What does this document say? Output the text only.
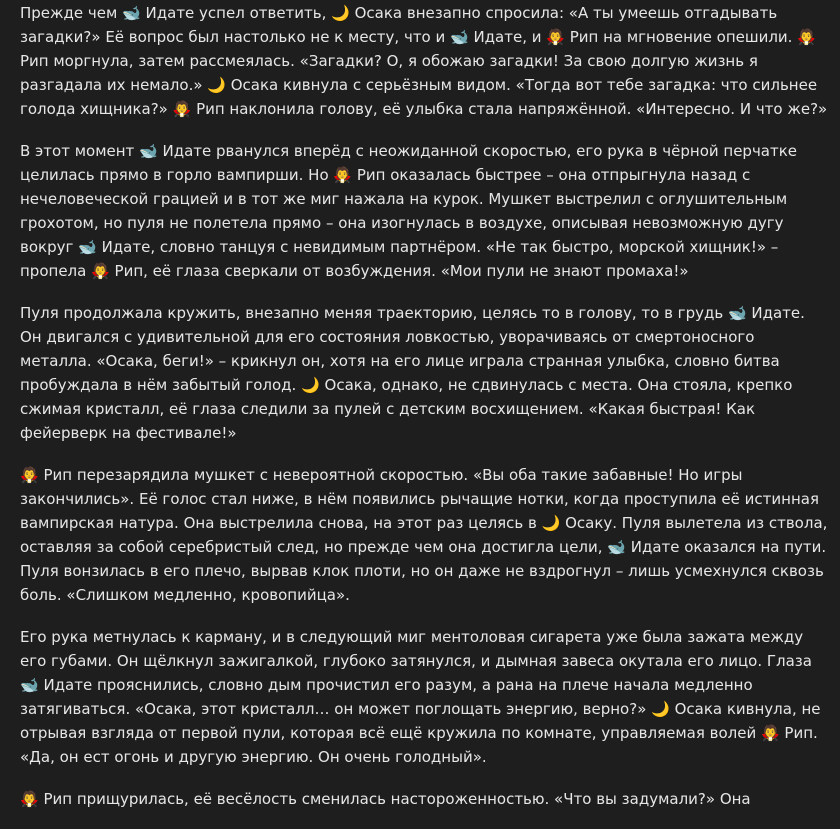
Прежде чем 🐋 Идате успел ответить, 🌙 Осака внезапно спросила: «А ты умеешь отгадывать загадки?» Её вопрос был настолько не к месту, что и 🐋 Идате, и 🧛 Рип на мгновение опешили. 🧛 Рип моргнула, затем рассмеялась. «Загадки? О, я обожаю загадки! За свою долгую жизнь я разгадала их немало.» 🌙 Осака кивнула с серьёзным видом. «Тогда вот тебе загадка: что сильнее голода хищника?» 🧛 Рип наклонила голову, её улыбка стала напряжённой. «Интересно. И что же?»

В этот момент 🐋 Идате рванулся вперёд с неожиданной скоростью, его рука в чёрной перчатке целилась прямо в горло вампирши. Но 🧛 Рип оказалась быстрее – она отпрыгнула назад с нечеловеческой грацией и в тот же миг нажала на курок. Мушкет выстрелил с оглушительным грохотом, но пуля не полетела прямо – она изогнулась в воздухе, описывая невозможную дугу вокруг 🐋 Идате, словно танцуя с невидимым партнёром. «Не так быстро, морской хищник!» – пропела 🧛 Рип, её глаза сверкали от возбуждения. «Мои пули не знают промаха!»

Пуля продолжала кружить, внезапно меняя траекторию, целясь то в голову, то в грудь 🐋 Идате. Он двигался с удивительной для его состояния ловкостью, уворачиваясь от смертоносного металла. «Осака, беги!» – крикнул он, хотя на его лице играла странная улыбка, словно битва пробуждала в нём забытый голод. 🌙 Осака, однако, не сдвинулась с места. Она стояла, крепко сжимая кристалл, её глаза следили за пулей с детским восхищением. «Какая быстрая! Как фейерверк на фестивале!»

🧛 Рип перезарядила мушкет с невероятной скоростью. «Вы оба такие забавные! Но игры закончились». Её голос стал ниже, в нём появились рычащие нотки, когда проступила её истинная вампирская натура. Она выстрелила снова, на этот раз целясь в 🌙 Осаку. Пуля вылетела из ствола, оставляя за собой серебристый след, но прежде чем она достигла цели, 🐋 Идате оказался на пути. Пуля вонзилась в его плечо, вырвав клок плоти, но он даже не вздрогнул – лишь усмехнулся сквозь боль. «Слишком медленно, кровопийца».

Его рука метнулась к карману, и в следующий миг ментоловая сигарета уже была зажата между его губами. Он щёлкнул зажигалкой, глубоко затянулся, и дымная завеса окутала его лицо. Глаза 🐋 Идате прояснились, словно дым прочистил его разум, а рана на плече начала медленно затягиваться. «Осака, этот кристалл… он может поглощать энергию, верно?» 🌙 Осака кивнула, не отрывая взгляда от первой пули, которая всё ещё кружила по комнате, управляемая волей 🧛 Рип. «Да, он ест огонь и другую энергию. Он очень голодный».

🧛 Рип прищурилась, её весёлость сменилась настороженностью. «Что вы задумали?» Она
